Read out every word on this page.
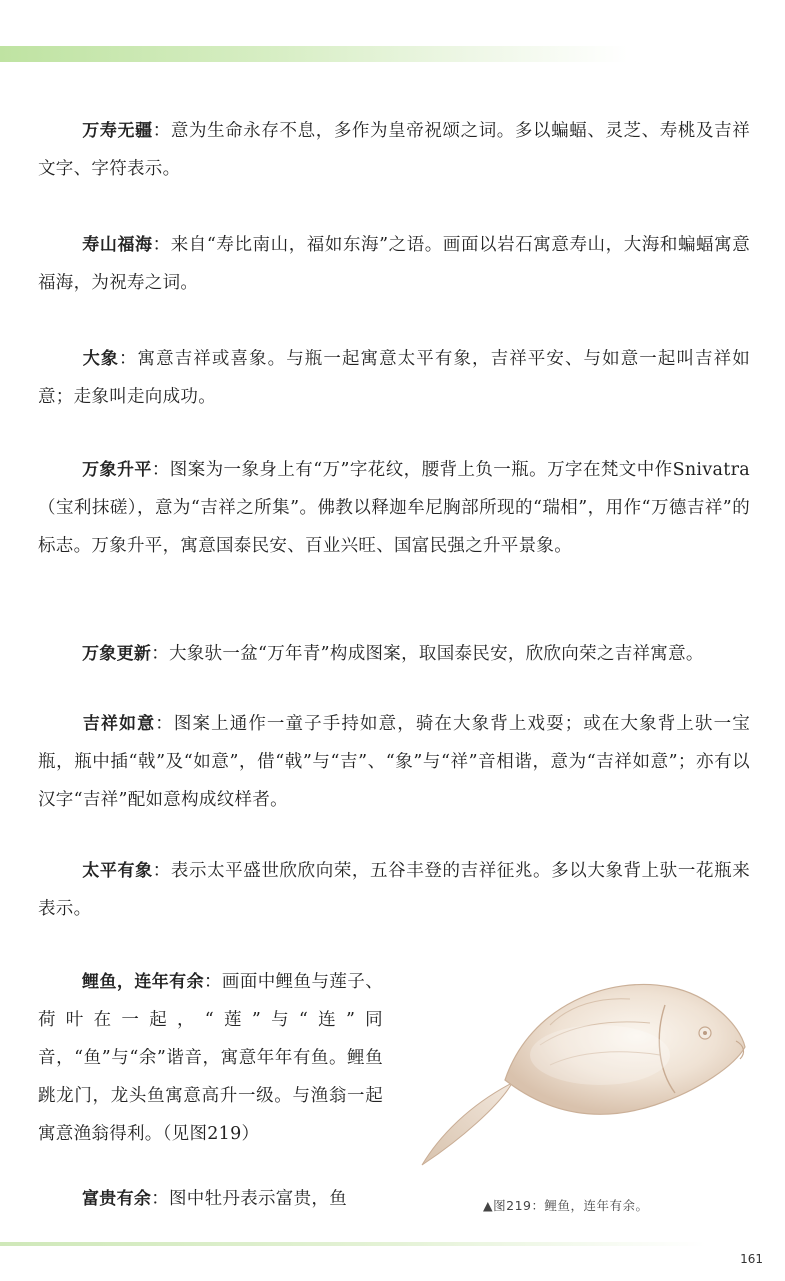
万寿无疆：意为生命永存不息，多作为皇帝祝颂之词。多以蝙蝠、灵芝、寿桃及吉祥文字、字符表示。

寿山福海：来自“寿比南山，福如东海”之语。画面以岩石寓意寿山，大海和蝙蝠寓意福海，为祝寿之词。

大象：寓意吉祥或喜象。与瓶一起寓意太平有象，吉祥平安、与如意一起叫吉祥如意；走象叫走向成功。

万象升平：图案为一象身上有“万”字花纹，腰背上负一瓶。万字在梵文中作Snivatra（宝利抹磋），意为“吉祥之所集”。佛教以释迦牟尼胸部所现的“瑞相”，用作“万德吉祥”的标志。万象升平，寓意国泰民安、百业兴旺、国富民强之升平景象。

万象更新：大象驮一盆“万年青”构成图案，取国泰民安，欣欣向荣之吉祥寓意。

吉祥如意：图案上通作一童子手持如意，骑在大象背上戏耍；或在大象背上驮一宝瓶，瓶中插“戟”及“如意”，借“戟”与“吉”、“象”与“祥”音相谐，意为“吉祥如意”；亦有以汉字“吉祥”配如意构成纹样者。

太平有象：表示太平盛世欣欣向荣，五谷丰登的吉祥征兆。多以大象背上驮一花瓶来表示。

鲤鱼，连年有余：画面中鲤鱼与莲子、荷叶在一起，“莲”与“连”同音，“鱼”与“余”谐音，寓意年年有鱼。鲤鱼跳龙门，龙头鱼寓意高升一级。与渔翁一起寓意渔翁得利。（见图219）

富贵有余：图中牡丹表示富贵，鱼	▲图219：鲤鱼，连年有余。
161
